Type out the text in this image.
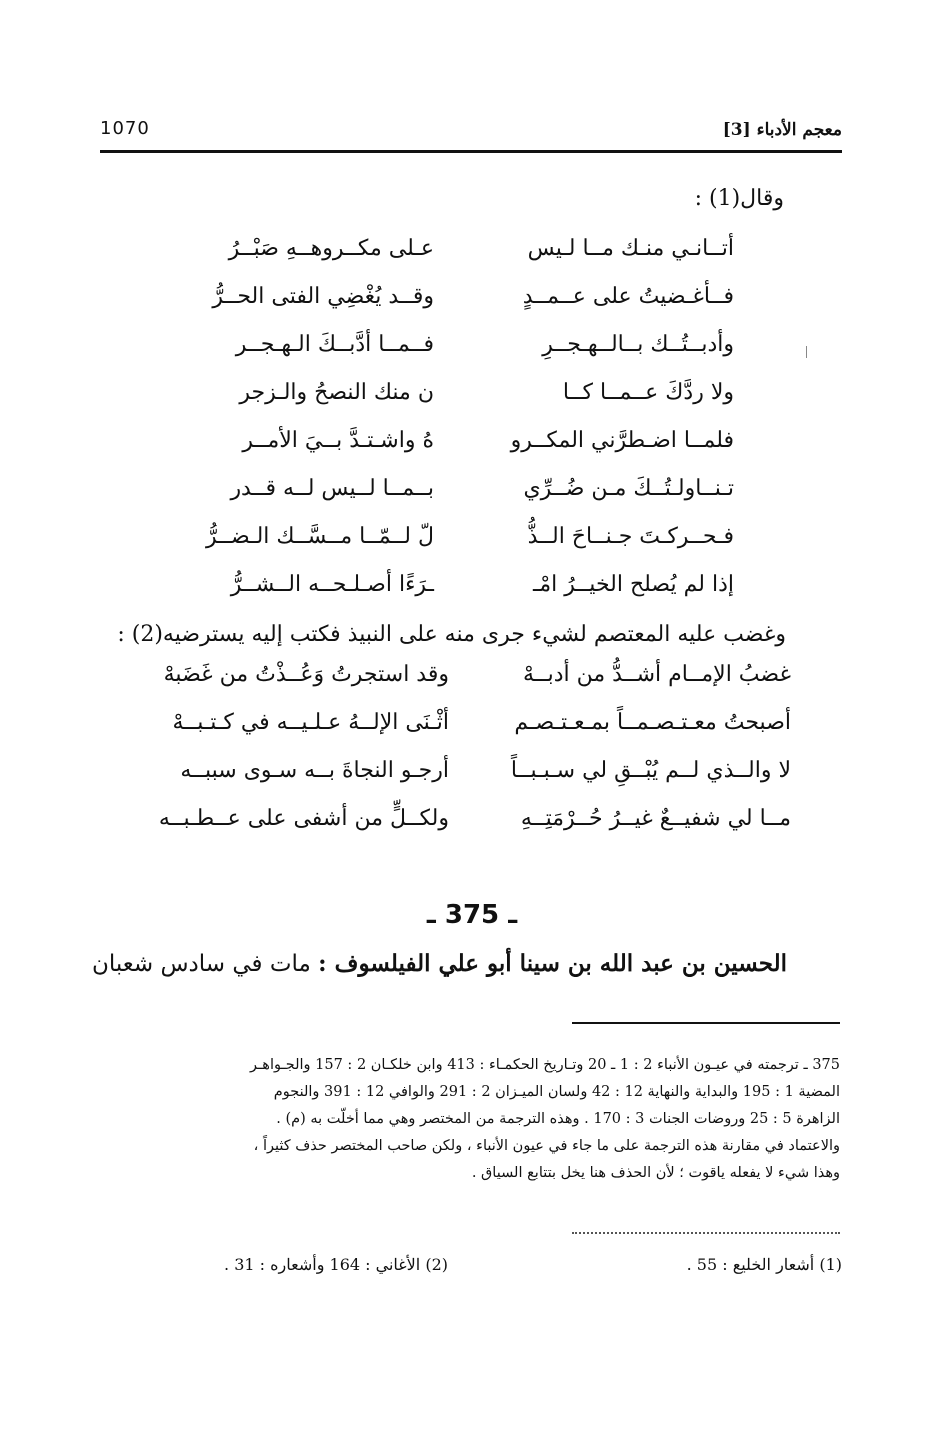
معجم الأدباء [3]
1070
وقال(1) :
أتــانـي منـك مــا لـيس
عـلى مكــروهــهِ صَبْــرُ
فــأغـضيتُ على عــمــدٍ
وقــد يُغْضِي الفتى الحــرُّ
وأدبــتُــك بــالــهـجــرِ
فــمــا أدَّبــكَ الـهـجــر
ولا ردَّكَ عــمــا كــا
ن منك النصحُ والـزجر
فلمــا اضـطرَّني المكــرو
هُ واشـتـدَّ بــيَ الأمــر
تـنــاولـتُــكَ مـن ضُــرِّي
بــمــا لــيس لــه قــدر
فـحــركـتَ جـنــاحَ الــذُّ
لّ لــمّــا مــسَّــك الـضــرُّ
إذا لم يُصلح الخيــرُ امْـ
ـرَءًا أصـلـحــه الــشــرُّ
وغضب عليه المعتصم لشيء جرى منه على النبيذ فكتب إليه يسترضيه(2) :
غضبُ الإمــام أشــدُّ من أدبــهْ
وقد استجرتُ وَعُــذْتُ من غَضَبهْ
أصبحتُ معـتـصـمــاً بمـعـتـصـم
أثْـنَى الإلــهُ عـلـيــه في كـتـبــهْ
لا والــذي لــم يُبْــقِ لي سـبـبــاً
أرجـو النجاةَ بــه سـوى سببــه
مــا لي شفيــعٌ غيــرُ حُــرْمَتِــهِ
ولكــلٍّ من أشفى على عــطـبــه
ـ 375 ـ
الحسين بن عبد الله بن سينا أبو علي الفيلسوف : مات في سادس شعبان
375 ـ ترجمته في عيـون الأنباء 2 : 1 ـ 20 وتـاريخ الحكمـاء : 413 وابن خلكـان 2 : 157 والجـواهـر
المضية 1 : 195 والبداية والنهاية 12 : 42 ولسان الميـزان 2 : 291 والوافي 12 : 391 والنجوم
الزاهرة 5 : 25 وروضات الجنات 3 : 170 . وهذه الترجمة من المختصر وهي مما أخلّت به (م) .
والاعتماد في مقارنة هذه الترجمة على ما جاء في عيون الأنباء ، ولكن صاحب المختصر حذف كثيراً ،
وهذا شيء لا يفعله ياقوت ؛ لأن الحذف هنا يخل بتتابع السياق .
(1) أشعار الخليع : 55 .
(2) الأغاني : 164 وأشعاره : 31 .
